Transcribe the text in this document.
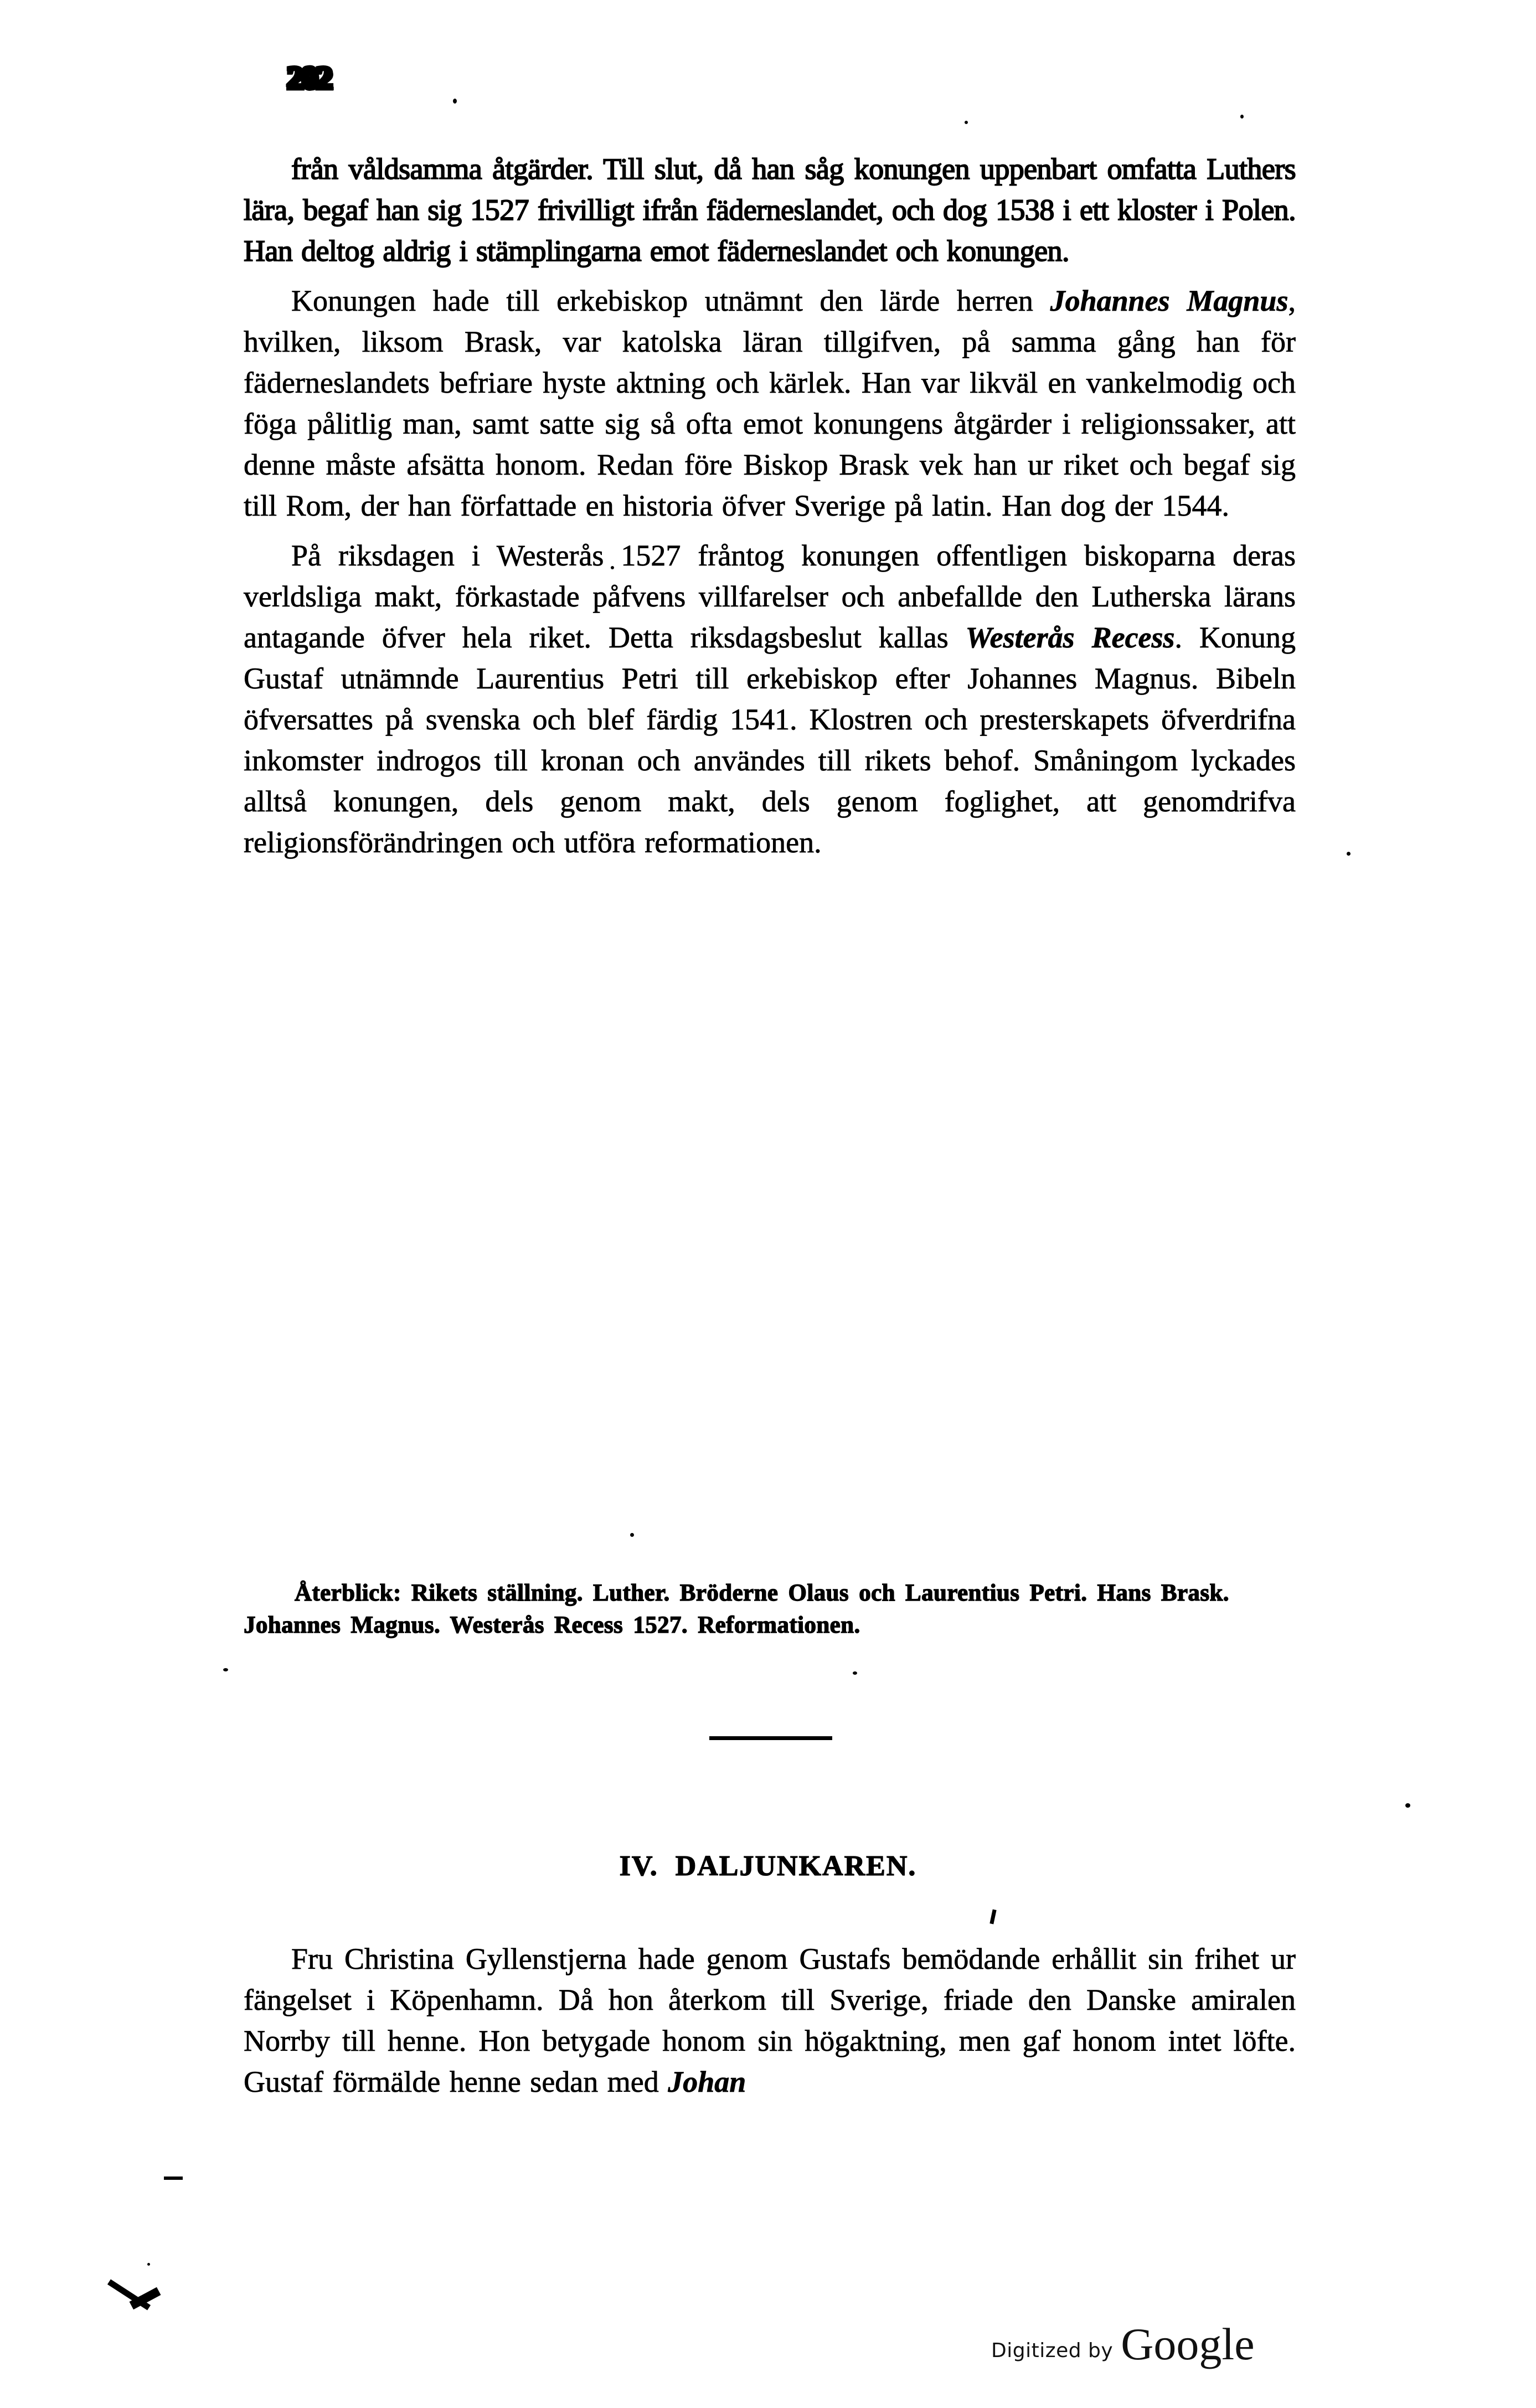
202

från våldsamma åtgärder. Till slut, då han såg konungen uppenbart omfatta Luthers lära, begaf han sig 1527 frivilligt ifrån fäderneslandet, och dog 1538 i ett kloster i Polen. Han deltog aldrig i stämplingarna emot fäderneslandet och konungen.

Konungen hade till erkebiskop utnämnt den lärde herren Johannes Magnus, hvilken, liksom Brask, var katolska läran tillgifven, på samma gång han för fäderneslandets befriare hyste aktning och kärlek. Han var likväl en vankelmodig och föga pålitlig man, samt satte sig så ofta emot konungens åtgärder i religionssaker, att denne måste afsätta honom. Redan före Biskop Brask vek han ur riket och begaf sig till Rom, der han författade en historia öfver Sverige på latin. Han dog der 1544.

På riksdagen i Westerås 1527 fråntog konungen offentligen biskoparna deras verldsliga makt, förkastade påfvens villfarelser och anbefallde den Lutherska lärans antagande öfver hela riket. Detta riksdagsbeslut kallas Westerås Recess. Konung Gustaf utnämnde Laurentius Petri till erkebiskop efter Johannes Magnus. Bibeln öfversattes på svenska och blef färdig 1541. Klostren och presterskapets öfverdrifna inkomster indrogos till kronan och användes till rikets behof. Småningom lyckades alltså konungen, dels genom makt, dels genom foglighet, att genomdrifva religionsförändringen och utföra reformationen.

Återblick: Rikets ställning. Luther. Bröderne Olaus och Laurentius Petri. Hans Brask. Johannes Magnus. Westerås Recess 1527. Reformationen.
IV. DALJUNKAREN.

Fru Christina Gyllenstjerna hade genom Gustafs bemödande erhållit sin frihet ur fängelset i Köpenhamn. Då hon återkom till Sverige, friade den Danske amiralen Norrby till henne. Hon betygade honom sin högaktning, men gaf honom intet löfte. Gustaf förmälde henne sedan med Johan

Digitized by Google
